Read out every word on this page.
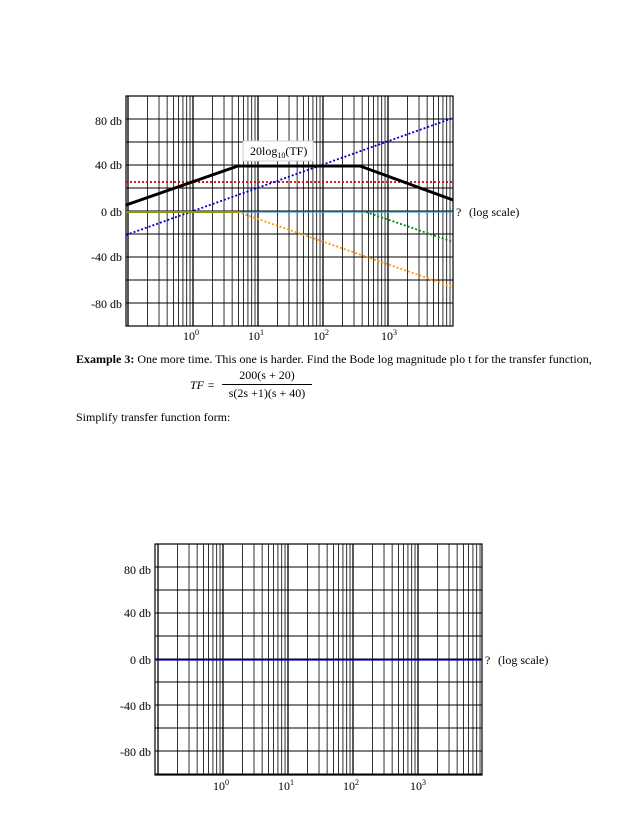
80 db
40 db
0 db
-40 db
-80 db
$10^0$	$10^1$	$10^2$	$10^3$
? (log scale)
$20\log_{10}(TF)$
Example 3: One more time. This one is harder. Find the Bode log magnitude plo t for the transfer function,
TF =
200(s + 20)
s(2s +1)(s + 40)
Simplify transfer function form:
80 db
40 db
0 db
-40 db
-80 db
$10^0$	$10^1$	$10^2$	$10^3$
? (log scale)
